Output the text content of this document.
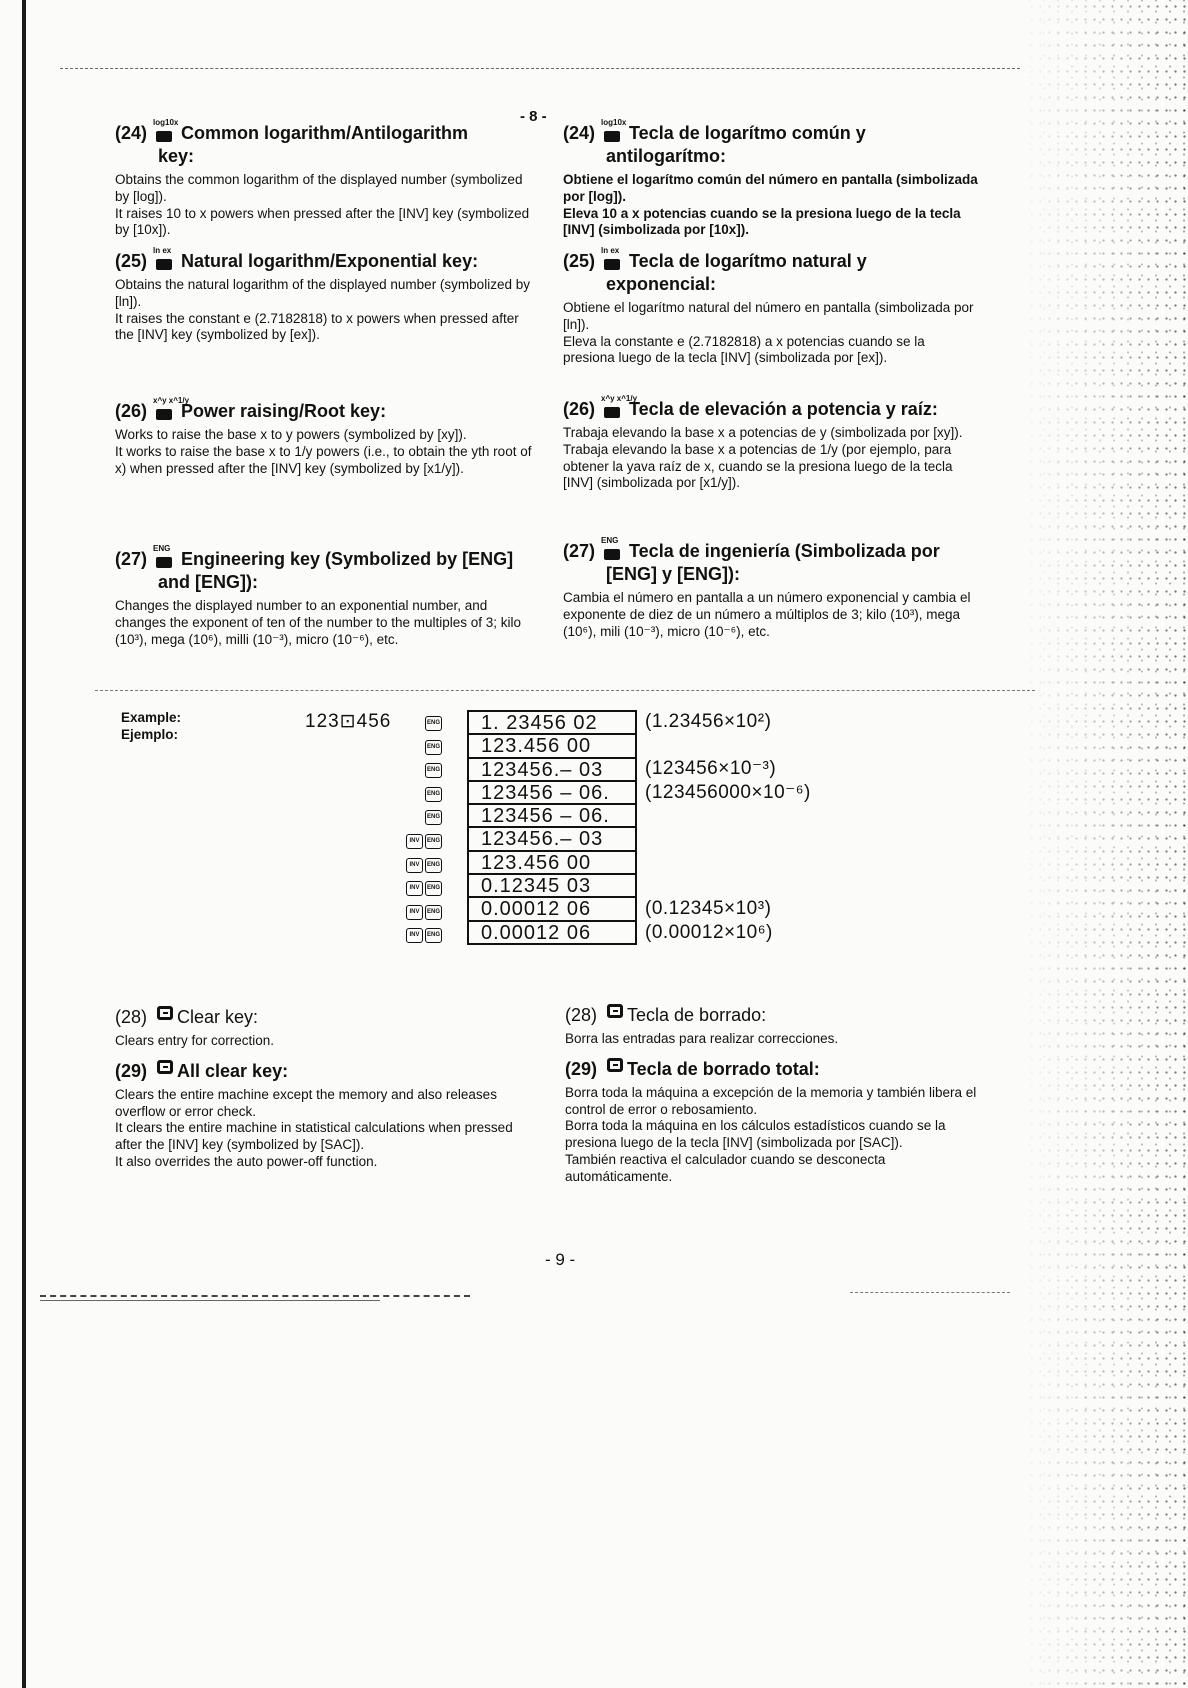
- 8 -
(24)
log10x
Common logarithm/Antilogarithm
key:

Obtains the common logarithm of the displayed number (symbolized by [log]).

It raises 10 to x powers when pressed after the [INV] key (symbolized by [10x]).

(25)
ln ex
Natural logarithm/Exponential key:

Obtains the natural logarithm of the displayed number (symbolized by [ln]).

It raises the constant e (2.7182818) to x powers when pressed after the [INV] key (symbolized by [ex]).

(26)
x^y x^1/y
Power raising/Root key:

Works to raise the base x to y powers (symbolized by [xy]).

It works to raise the base x to 1/y powers (i.e., to obtain the yth root of x) when pressed after the [INV] key (symbolized by [x1/y]).

(27)
ENG
Engineering key (Symbolized by [ENG]
and [ENG]):

Changes the displayed number to an exponential number, and changes the exponent of ten of the number to the multiples of 3; kilo (10³), mega (10⁶), milli (10⁻³), micro (10⁻⁶), etc.

(24)
log10x
Tecla de logarítmo común y
antilogarítmo:

Obtiene el logarítmo común del número en pantalla (simbolizada por [log]).

Eleva 10 a x potencias cuando se la presiona luego de la tecla [INV] (simbolizada por [10x]).

(25)
ln ex
Tecla de logarítmo natural y
exponencial:

Obtiene el logarítmo natural del número en pantalla (simbolizada por [ln]).

Eleva la constante e (2.7182818) a x potencias cuando se la presiona luego de la tecla [INV] (simbolizada por [ex]).

(26)
x^y x^1/y
Tecla de elevación a potencia y raíz:

Trabaja elevando la base x a potencias de y (simbolizada por [xy]).

Trabaja elevando la base x a potencias de 1/y (por ejemplo, para obtener la yava raíz de x, cuando se la presiona luego de la tecla [INV] (simbolizada por [x1/y]).

(27)
ENG
Tecla de ingeniería (Simbolizada por
[ENG] y [ENG]):

Cambia el número en pantalla a un número exponencial y cambia el exponente de diez de un número a múltiplos de 3; kilo (10³), mega (10⁶), mili (10⁻³), micro (10⁻⁶), etc.

Example:
Ejemplo:
123⊡456	ENG
ENG
ENG
ENG
ENG
INV ENG
INV ENG
INV ENG
INV ENG
INV ENG
1. 23456 02
123.456 00
123456.– 03
123456 – 06.
123456 – 06.
123456.– 03
123.456 00
0.12345 03
0.00012 06
0.00012 06
(1.23456×10²)
(123456×10⁻³)
(123456000×10⁻⁶)
(0.12345×10³)
(0.00012×10⁶)
(28) Clear key:

Clears entry for correction.

(29) All clear key:

Clears the entire machine except the memory and also releases overflow or error check.

It clears the entire machine in statistical calculations when pressed after the [INV] key (symbolized by [SAC]).

It also overrides the auto power-off function.

(28) Tecla de borrado:

Borra las entradas para realizar correcciones.

(29) Tecla de borrado total:

Borra toda la máquina a excepción de la memoria y también libera el control de error o rebosamiento.

Borra toda la máquina en los cálculos estadísticos cuando se la presiona luego de la tecla [INV] (simbolizada por [SAC]).

También reactiva el calculador cuando se desconecta automáticamente.

- 9 -
